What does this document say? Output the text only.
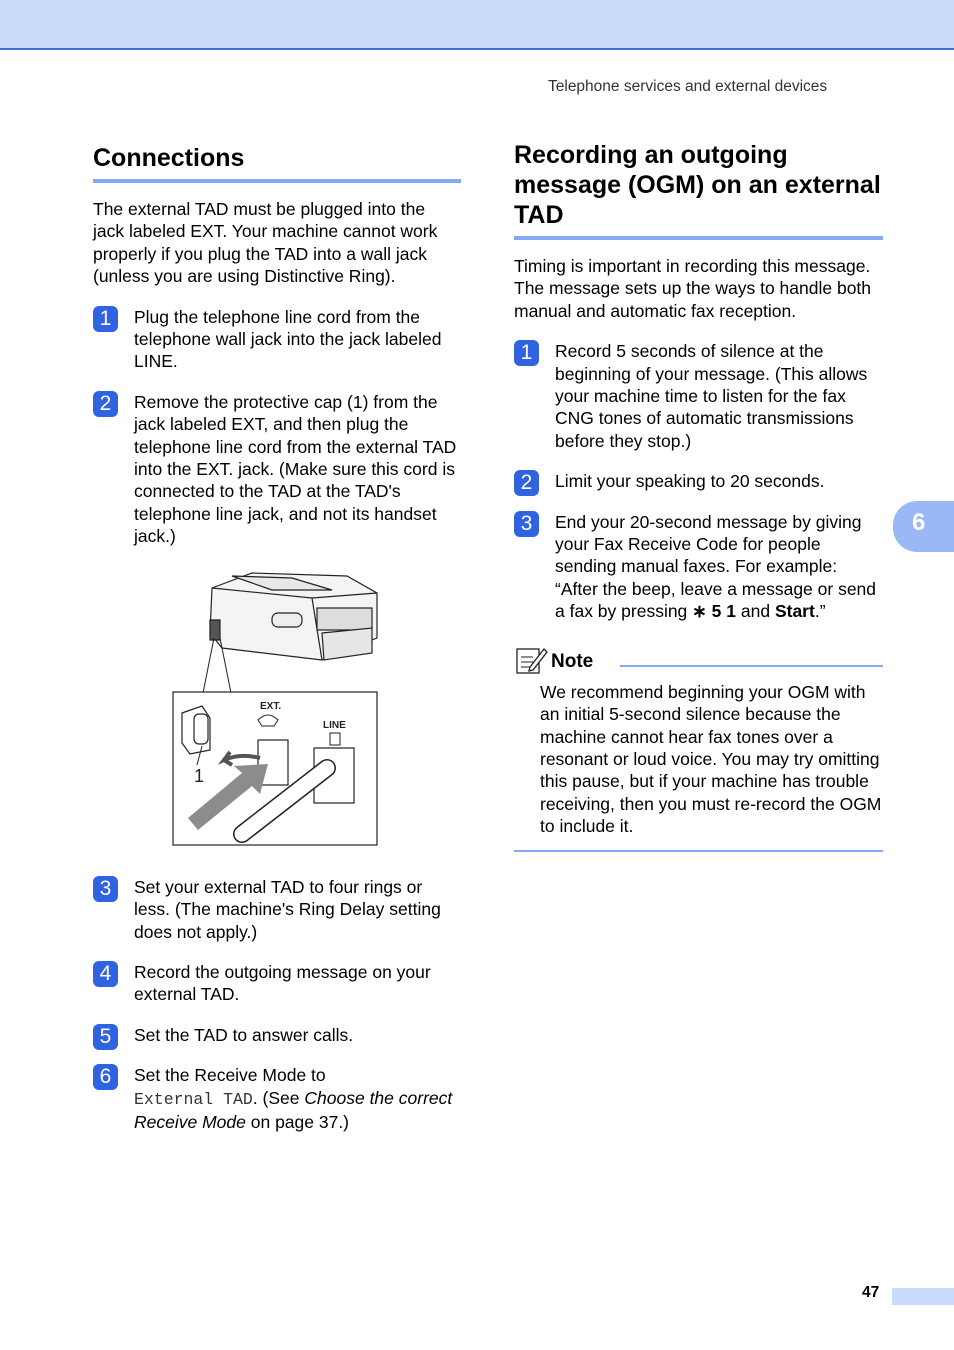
Telephone services and external devices
Connections

The external TAD must be plugged into the jack labeled EXT. Your machine cannot work properly if you plug the TAD into a wall jack (unless you are using Distinctive Ring).

1	Plug the telephone line cord from the telephone wall jack into the jack labeled LINE.

2	Remove the protective cap (1) from the jack labeled EXT, and then plug the telephone line cord from the external TAD into the EXT. jack. (Make sure this cord is connected to the TAD at the TAD's telephone line jack, and not its handset jack.)

1
EXT.
LINE
3	Set your external TAD to four rings or less. (The machine's Ring Delay setting does not apply.)

4	Record the outgoing message on your external TAD.

5	Set the TAD to answer calls.

6	Set the Receive Mode to
External TAD. (See Choose the correct Receive Mode on page 37.)

Recording an outgoing message (OGM) on an external TAD

Timing is important in recording this message. The message sets up the ways to handle both manual and automatic fax reception.

1	Record 5 seconds of silence at the beginning of your message. (This allows your machine time to listen for the fax CNG tones of automatic transmissions before they stop.)

2	Limit your speaking to 20 seconds.

3	End your 20-second message by giving your Fax Receive Code for people sending manual faxes. For example: “After the beep, leave a message or send a fax by pressing ∗ 5 1 and Start.”

Note

We recommend beginning your OGM with an initial 5-second silence because the machine cannot hear fax tones over a resonant or loud voice. You may try omitting this pause, but if your machine has trouble receiving, then you must re-record the OGM to include it.

6
47
